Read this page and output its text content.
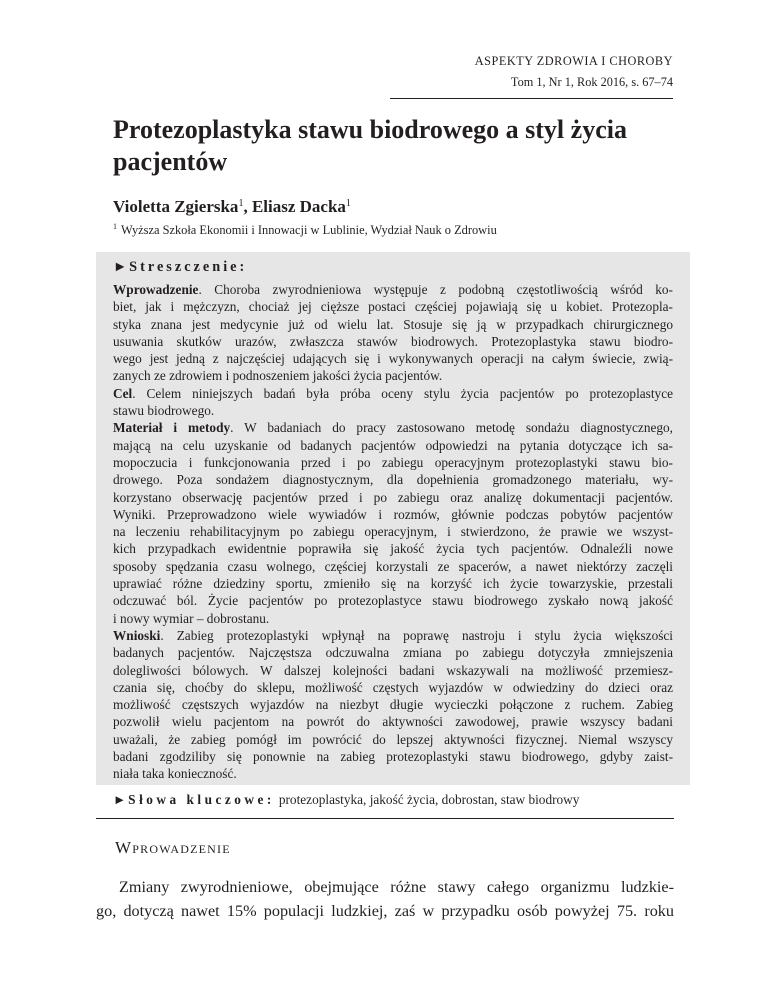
ASPEKTY ZDROWIA I CHOROBY
Tom 1, Nr 1, Rok 2016, s. 67–74
Protezoplastyka stawu biodrowego a styl życia pacjentów
Violetta Zgierska$^1$, Eliasz Dacka$^1$
$^1$ Wyższa Szkoła Ekonomii i Innowacji w Lublinie, Wydział Nauk o Zdrowiu
► Streszczenie:
Wprowadzenie. Choroba zwyrodnieniowa występuje z podobną częstotliwością wśród ko-
biet, jak i mężczyzn, chociaż jej cięższe postaci częściej pojawiają się u kobiet. Protezopla-
styka znana jest medycynie już od wielu lat. Stosuje się ją w przypadkach chirurgicznego
usuwania skutków urazów, zwłaszcza stawów biodrowych. Protezoplastyka stawu biodro-
wego jest jedną z najczęściej udających się i wykonywanych operacji na całym świecie, zwią-
zanych ze zdrowiem i podnoszeniem jakości życia pacjentów.
Cel. Celem niniejszych badań była próba oceny stylu życia pacjentów po protezoplastyce
stawu biodrowego.
Materiał i metody. W badaniach do pracy zastosowano metodę sondażu diagnostycznego,
mającą na celu uzyskanie od badanych pacjentów odpowiedzi na pytania dotyczące ich sa-
mopoczucia i funkcjonowania przed i po zabiegu operacyjnym protezoplastyki stawu bio-
drowego. Poza sondażem diagnostycznym, dla dopełnienia gromadzonego materiału, wy-
korzystano obserwację pacjentów przed i po zabiegu oraz analizę dokumentacji pacjentów.
Wyniki. Przeprowadzono wiele wywiadów i rozmów, głównie podczas pobytów pacjentów
na leczeniu rehabilitacyjnym po zabiegu operacyjnym, i stwierdzono, że prawie we wszyst-
kich przypadkach ewidentnie poprawiła się jakość życia tych pacjentów. Odnaleźli nowe
sposoby spędzania czasu wolnego, częściej korzystali ze spacerów, a nawet niektórzy zaczęli
uprawiać różne dziedziny sportu, zmieniło się na korzyść ich życie towarzyskie, przestali
odczuwać ból. Życie pacjentów po protezoplastyce stawu biodrowego zyskało nową jakość
i nowy wymiar – dobrostanu.
Wnioski. Zabieg protezoplastyki wpłynął na poprawę nastroju i stylu życia większości
badanych pacjentów. Najczęstsza odczuwalna zmiana po zabiegu dotyczyła zmniejszenia
dolegliwości bólowych. W dalszej kolejności badani wskazywali na możliwość przemiesz-
czania się, choćby do sklepu, możliwość częstych wyjazdów w odwiedziny do dzieci oraz
możliwość częstszych wyjazdów na niezbyt długie wycieczki połączone z ruchem. Zabieg
pozwolił wielu pacjentom na powrót do aktywności zawodowej, prawie wszyscy badani
uważali, że zabieg pomógł im powrócić do lepszej aktywności fizycznej. Niemal wszyscy
badani zgodziliby się ponownie na zabieg protezoplastyki stawu biodrowego, gdyby zaist-
niała taka konieczność.
► Słowa kluczowe: protezoplastyka, jakość życia, dobrostan, staw biodrowy
Wprowadzenie
Zmiany zwyrodnieniowe, obejmujące różne stawy całego organizmu ludzkie-
go, dotyczą nawet 15% populacji ludzkiej, zaś w przypadku osób powyżej 75. roku
